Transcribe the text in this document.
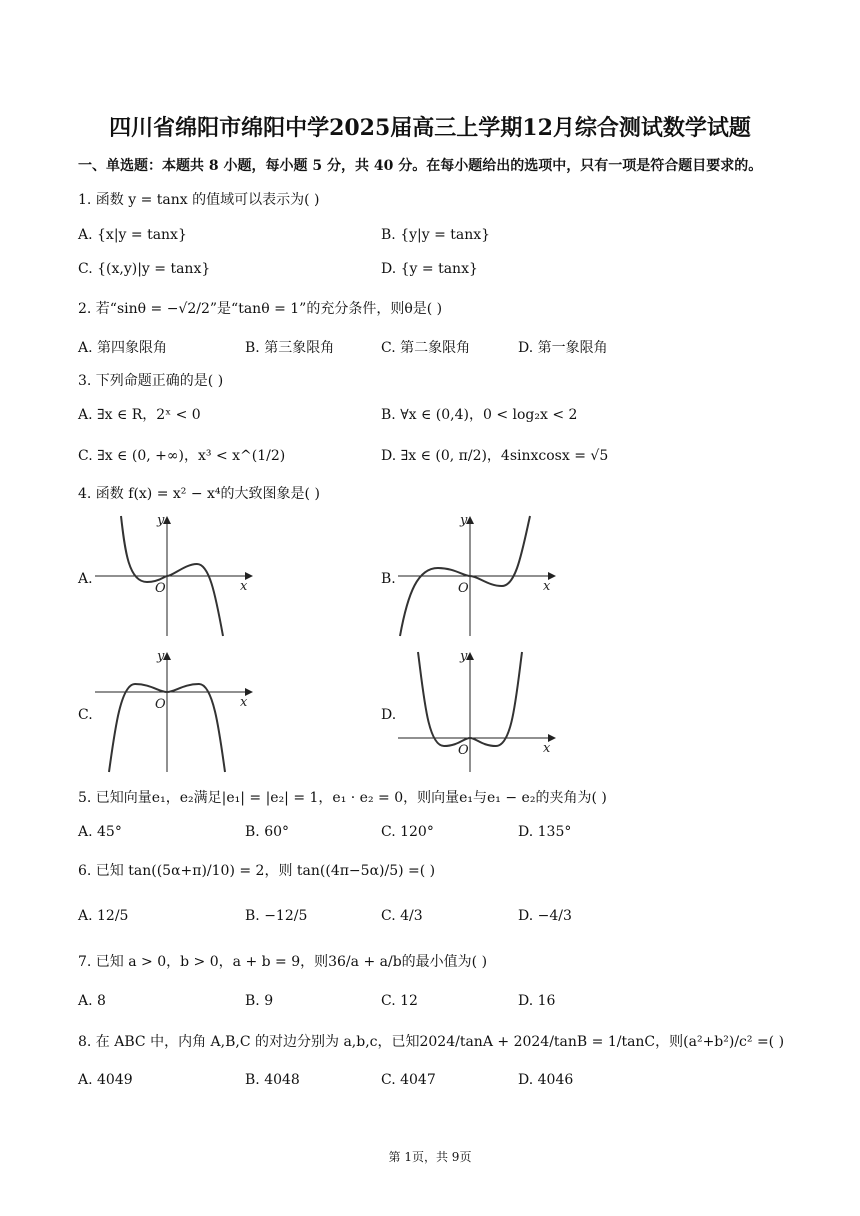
四川省绵阳市绵阳中学2025届高三上学期12月综合测试数学试题
一、单选题：本题共 8 小题，每小题 5 分，共 40 分。在每小题给出的选项中，只有一项是符合题目要求的。
1. 函数 y = tanx 的值域可以表示为( )
A. {x|y = tanx}	B. {y|y = tanx}
C. {(x,y)|y = tanx}	D. {y = tanx}
2. 若“sinθ = −√2/2”是“tanθ = 1”的充分条件，则θ是( )
A. 第四象限角	B. 第三象限角	C. 第二象限角	D. 第一象限角
3. 下列命题正确的是( )
A. ∃x ∈ R，2ˣ < 0	B. ∀x ∈ (0,4)，0 < log₂x < 2
C. ∃x ∈ (0, +∞)，x³ < x^(1/2)	D. ∃x ∈ (0, π/2)，4sinxcosx = √5
4. 函数 f(x) = x² − x⁴的大致图象是( )
A.
y
x
O
B.
y
x
O
C.
y
x
O
D.
y
x
O
5. 已知向量e₁，e₂满足|e₁| = |e₂| = 1，e₁ · e₂ = 0，则向量e₁与e₁ − e₂的夹角为( )
A. 45°	B. 60°	C. 120°	D. 135°
6. 已知 tan((5α+π)/10) = 2，则 tan((4π−5α)/5) =( )
A. 12/5	B. −12/5	C. 4/3	D. −4/3
7. 已知 a > 0，b > 0，a + b = 9，则36/a + a/b的最小值为( )
A. 8	B. 9	C. 12	D. 16
8. 在 ABC 中，内角 A,B,C 的对边分别为 a,b,c，已知2024/tanA + 2024/tanB = 1/tanC，则(a²+b²)/c² =( )
A. 4049	B. 4048	C. 4047	D. 4046
第 1页，共 9页
